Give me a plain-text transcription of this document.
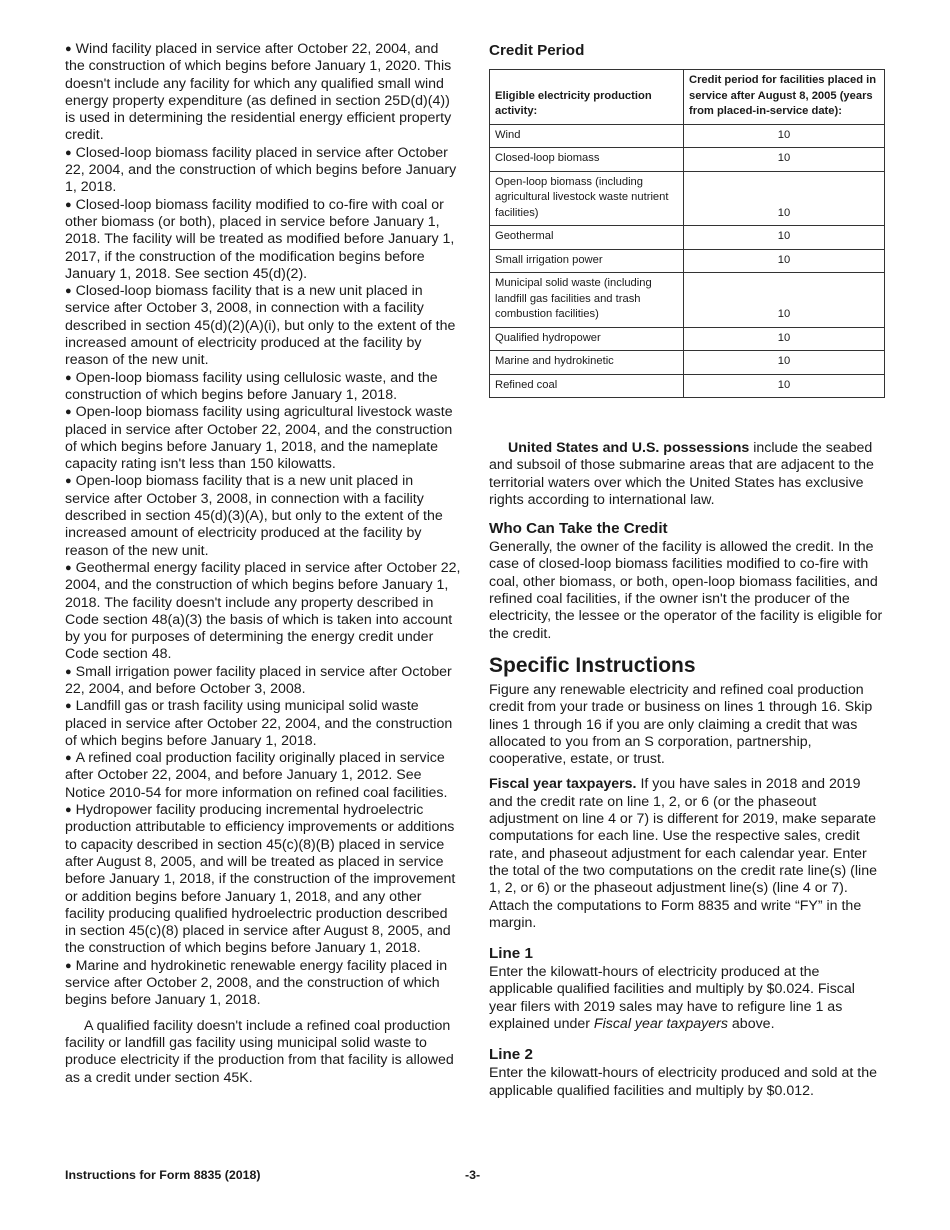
● Wind facility placed in service after October 22, 2004, and the construction of which begins before January 1, 2020. This doesn't include any facility for which any qualified small wind energy property expenditure (as defined in section 25D(d)(4)) is used in determining the residential energy efficient property credit.

● Closed-loop biomass facility placed in service after October 22, 2004, and the construction of which begins before January 1, 2018.

● Closed-loop biomass facility modified to co-fire with coal or other biomass (or both), placed in service before January 1, 2018. The facility will be treated as modified before January 1, 2017, if the construction of the modification begins before January 1, 2018. See section 45(d)(2).

● Closed-loop biomass facility that is a new unit placed in service after October 3, 2008, in connection with a facility described in section 45(d)(2)(A)(i), but only to the extent of the increased amount of electricity produced at the facility by reason of the new unit.

● Open-loop biomass facility using cellulosic waste, and the construction of which begins before January 1, 2018.

● Open-loop biomass facility using agricultural livestock waste placed in service after October 22, 2004, and the construction of which begins before January 1, 2018, and the nameplate capacity rating isn't less than 150 kilowatts.

● Open-loop biomass facility that is a new unit placed in service after October 3, 2008, in connection with a facility described in section 45(d)(3)(A), but only to the extent of the increased amount of electricity produced at the facility by reason of the new unit.

● Geothermal energy facility placed in service after October 22, 2004, and the construction of which begins before January 1, 2018. The facility doesn't include any property described in Code section 48(a)(3) the basis of which is taken into account by you for purposes of determining the energy credit under Code section 48.

● Small irrigation power facility placed in service after October 22, 2004, and before October 3, 2008.

● Landfill gas or trash facility using municipal solid waste placed in service after October 22, 2004, and the construction of which begins before January 1, 2018.

● A refined coal production facility originally placed in service after October 22, 2004, and before January 1, 2012. See Notice 2010-54 for more information on refined coal facilities.

● Hydropower facility producing incremental hydroelectric production attributable to efficiency improvements or additions to capacity described in section 45(c)(8)(B) placed in service after August 8, 2005, and will be treated as placed in service before January 1, 2018, if the construction of the improvement or addition begins before January 1, 2018, and any other facility producing qualified hydroelectric production described in section 45(c)(8) placed in service after August 8, 2005, and the construction of which begins before January 1, 2018.

● Marine and hydrokinetic renewable energy facility placed in service after October 2, 2008, and the construction of which begins before January 1, 2018.

A qualified facility doesn't include a refined coal production facility or landfill gas facility using municipal solid waste to produce electricity if the production from that facility is allowed as a credit under section 45K.

Credit Period
Eligible electricity production activity:	Credit period for facilities placed in service after August 8, 2005 (years from placed-in-service date):
Wind	10
Closed-loop biomass	10
Open-loop biomass (including agricultural livestock waste nutrient facilities)	10
Geothermal	10
Small irrigation power	10
Municipal solid waste (including landfill gas facilities and trash combustion facilities)	10
Qualified hydropower	10
Marine and hydrokinetic	10
Refined coal	10

United States and U.S. possessions include the seabed and subsoil of those submarine areas that are adjacent to the territorial waters over which the United States has exclusive rights according to international law.

Who Can Take the Credit

Generally, the owner of the facility is allowed the credit. In the case of closed-loop biomass facilities modified to co-fire with coal, other biomass, or both, open-loop biomass facilities, and refined coal facilities, if the owner isn't the producer of the electricity, the lessee or the operator of the facility is eligible for the credit.

Specific Instructions

Figure any renewable electricity and refined coal production credit from your trade or business on lines 1 through 16. Skip lines 1 through 16 if you are only claiming a credit that was allocated to you from an S corporation, partnership, cooperative, estate, or trust.

Fiscal year taxpayers. If you have sales in 2018 and 2019 and the credit rate on line 1, 2, or 6 (or the phaseout adjustment on line 4 or 7) is different for 2019, make separate computations for each line. Use the respective sales, credit rate, and phaseout adjustment for each calendar year. Enter the total of the two computations on the credit rate line(s) (line 1, 2, or 6) or the phaseout adjustment line(s) (line 4 or 7). Attach the computations to Form 8835 and write “FY” in the margin.

Line 1

Enter the kilowatt-hours of electricity produced at the applicable qualified facilities and multiply by $0.024. Fiscal year filers with 2019 sales may have to refigure line 1 as explained under Fiscal year taxpayers above.

Line 2

Enter the kilowatt-hours of electricity produced and sold at the applicable qualified facilities and multiply by $0.012.

Instructions for Form 8835 (2018)	-3-
